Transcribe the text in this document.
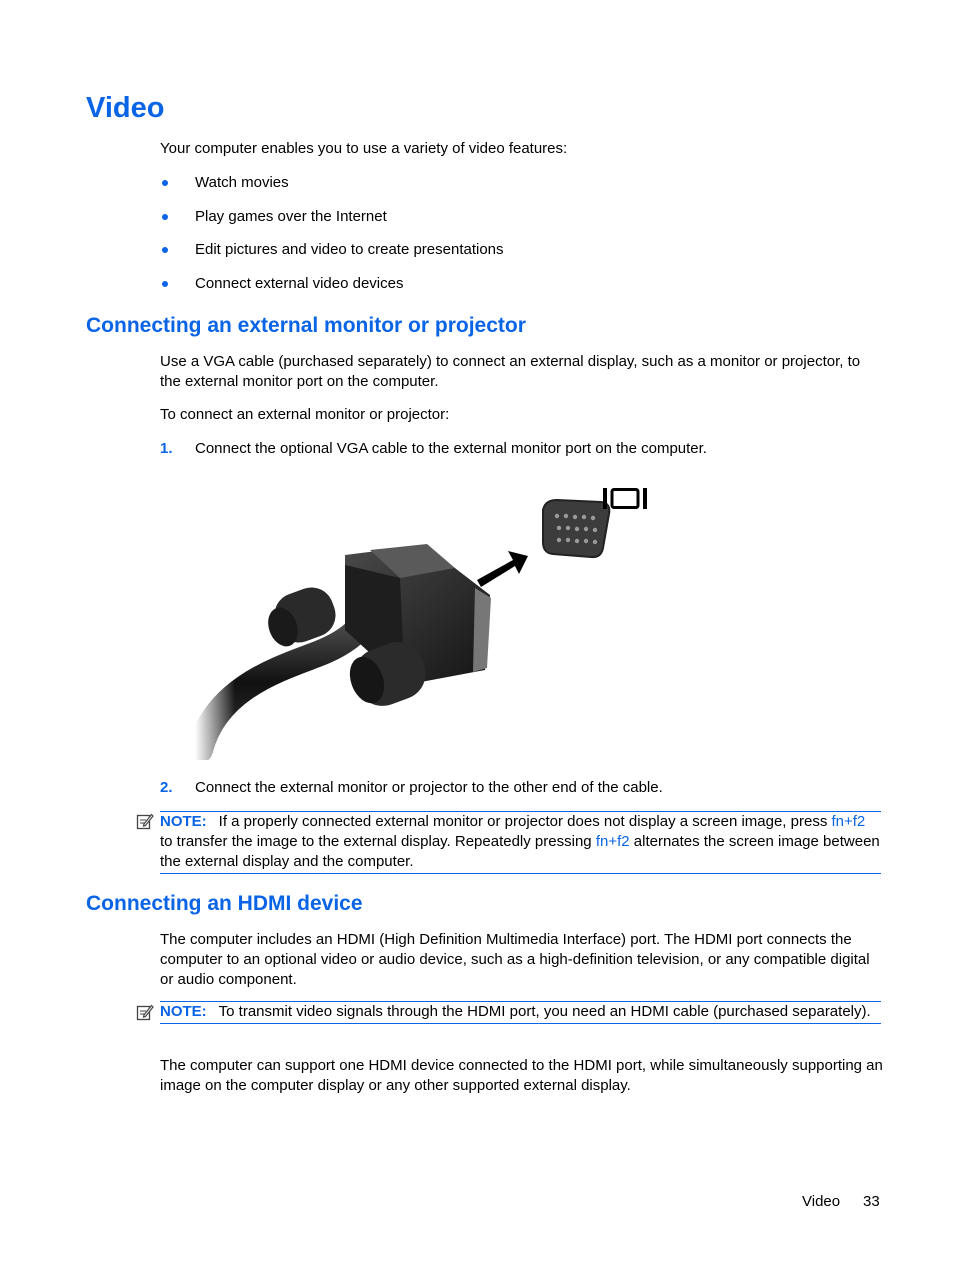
Video
Your computer enables you to use a variety of video features:
Watch movies
Play games over the Internet
Edit pictures and video to create presentations
Connect external video devices
Connecting an external monitor or projector
Use a VGA cable (purchased separately) to connect an external display, such as a monitor or projector, to the external monitor port on the computer.
To connect an external monitor or projector:
1. Connect the optional VGA cable to the external monitor port on the computer.
2. Connect the external monitor or projector to the other end of the cable.
NOTE: If a properly connected external monitor or projector does not display a screen image, press fn+f2 to transfer the image to the external display. Repeatedly pressing fn+f2 alternates the screen image between the external display and the computer.
Connecting an HDMI device
The computer includes an HDMI (High Definition Multimedia Interface) port. The HDMI port connects the computer to an optional video or audio device, such as a high-definition television, or any compatible digital or audio component.
NOTE: To transmit video signals through the HDMI port, you need an HDMI cable (purchased separately).
The computer can support one HDMI device connected to the HDMI port, while simultaneously supporting an image on the computer display or any other supported external display.
Video 33
